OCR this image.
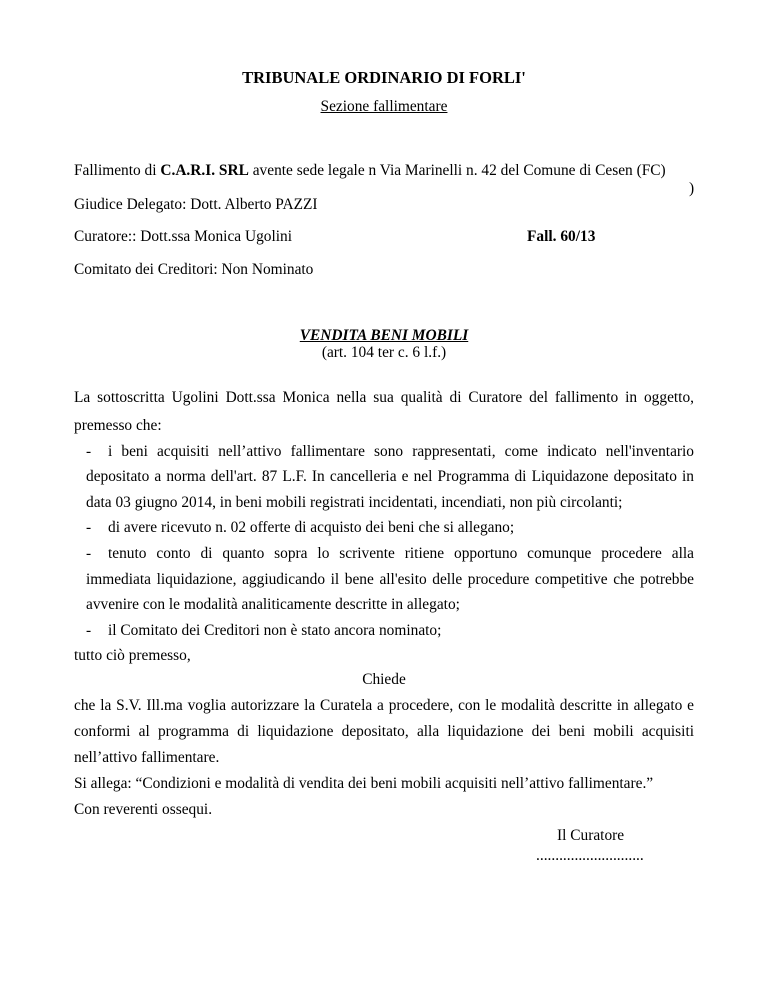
TRIBUNALE ORDINARIO DI FORLI'
Sezione fallimentare
Fallimento di C.A.R.I. SRL avente sede legale n Via Marinelli n. 42 del Comune di Cesen (FC)
)
Giudice Delegato: Dott. Alberto PAZZI
Curatore:: Dott.ssa Monica Ugolini	Fall. 60/13
Comitato dei Creditori: Non Nominato
VENDITA BENI MOBILI
(art. 104 ter c. 6 l.f.)
La sottoscritta Ugolini Dott.ssa Monica nella sua qualità di Curatore del fallimento in oggetto,
premesso che:
-	i beni acquisiti nell’attivo fallimentare sono rappresentati, come indicato nell'inventario
depositato a norma dell'art. 87 L.F. In cancelleria e nel Programma di Liquidazone depositato in
data 03 giugno 2014, in beni mobili registrati incidentati, incendiati, non più circolanti;
- di avere ricevuto n. 02 offerte di acquisto dei beni che si allegano;
-	tenuto conto di quanto sopra lo scrivente ritiene opportuno comunque procedere alla
immediata liquidazione, aggiudicando il bene all'esito delle procedure competitive che potrebbe
avvenire con le modalità analiticamente descritte in allegato;
- il Comitato dei Creditori non è stato ancora nominato;
tutto ciò premesso,
Chiede
che la S.V. Ill.ma voglia autorizzare la Curatela a procedere, con le modalità descritte in allegato e
conformi al programma di liquidazione depositato, alla liquidazione dei beni mobili acquisiti
nell’attivo fallimentare.
Si allega: “Condizioni e modalità di vendita dei beni mobili acquisiti nell’attivo fallimentare.”
Con reverenti ossequi.
Il Curatore
............................
